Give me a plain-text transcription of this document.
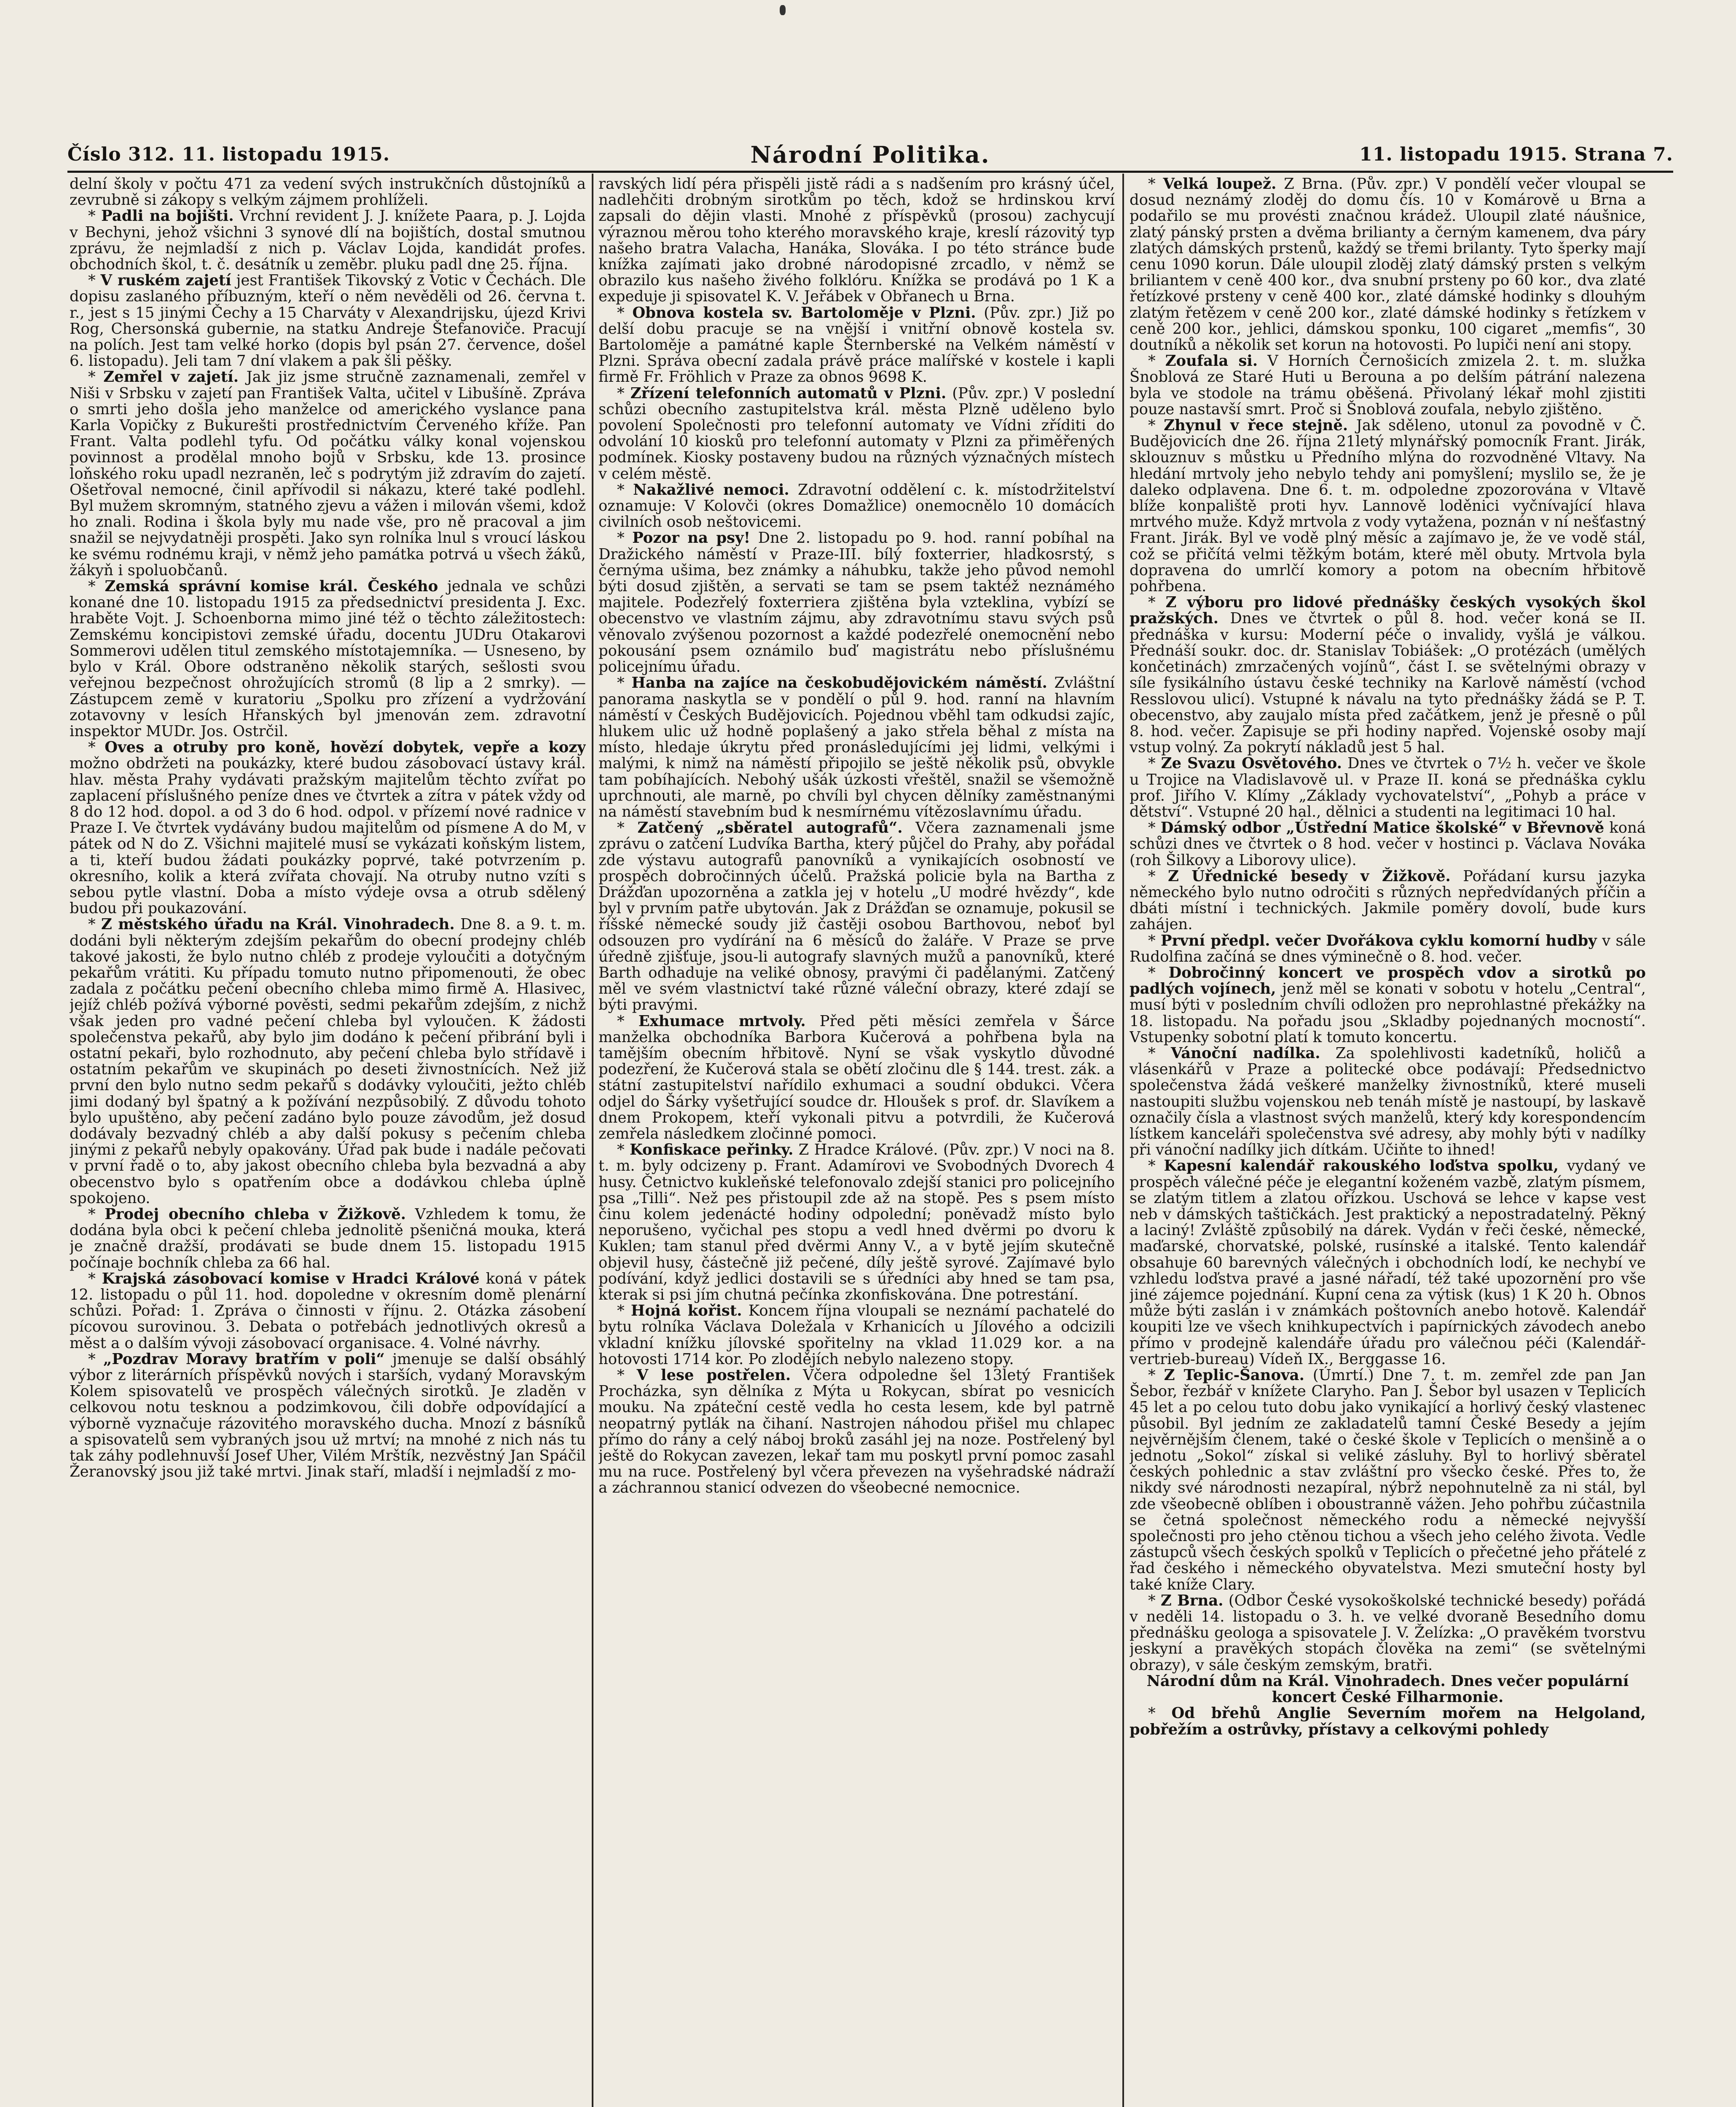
Číslo 312. 11. listopadu 1915.	Národní Politika.	11. listopadu 1915. Strana 7.

delní školy v počtu 471 za vedení svých instrukčních důstojníků a zevrubně si zákopy s velkým zájmem prohlíželi.

* Padli na bojišti. Vrchní revident J. J. knížete Paara, p. J. Lojda v Bechyni, jehož všichni 3 synové dlí na bojištích, dostal smutnou zprávu, že nejmladší z nich p. Václav Lojda, kandidát profes. obchodních škol, t. č. desátník u zeměbr. pluku padl dne 25. října.

* V ruském zajetí jest František Tikovský z Votic v Čechách. Dle dopisu zaslaného příbuzným, kteří o něm nevěděli od 26. června t. r., jest s 15 jinými Čechy a 15 Charváty v Alexandrijsku, újezd Krivi Rog, Chersonská gubernie, na statku Andreje Štefanoviče. Pracují na polích. Jest tam velké horko (dopis byl psán 27. července, došel 6. listopadu). Jeli tam 7 dní vlakem a pak šli pěšky.

* Zemřel v zajetí. Jak jiz jsme stručně zaznamenali, zemřel v Niši v Srbsku v zajetí pan František Valta, učitel v Libušíně. Zpráva o smrti jeho došla jeho manželce od amerického vyslance pana Karla Vopičky z Bukurešti prostřednictvím Červeného kříže. Pan Frant. Valta podlehl tyfu. Od počátku války konal vojenskou povinnost a prodělal mnoho bojů v Srbsku, kde 13. prosince loňského roku upadl nezraněn, leč s podrytým již zdravím do zajetí. Ošetřoval nemocné, činil apřívodil si nákazu, které také podlehl. Byl mužem skromným, statného zjevu a vážen i milován všemi, kdož ho znali. Rodina i škola byly mu nade vše, pro ně pracoval a jim snažil se nejvydatněji prospěti. Jako syn rolníka lnul s vroucí láskou ke svému rodnému kraji, v němž jeho památka potrvá u všech žáků, žákyň i spoluobčanů.

* Zemská správní komise král. Českého jednala ve schůzi konané dne 10. listopadu 1915 za předsednictví presidenta J. Exc. hraběte Vojt. J. Schoenborna mimo jiné též o těchto záležitostech: Zemskému koncipistovi zemské úřadu, docentu JUDru Otakarovi Sommerovi udělen titul zemského místotajemníka. — Usneseno, by bylo v Král. Obore odstraněno několik starých, sešlosti svou veřejnou bezpečnost ohrožujících stromů (8 lip a 2 smrky). — Zástupcem země v kuratoriu „Spolku pro zřízení a vydržování zotavovny v lesích Hřanských byl jmenován zem. zdravotní inspektor MUDr. Jos. Ostrčil.

* Oves a otruby pro koně, hovězí dobytek, vepře a kozy možno obdržeti na poukázky, které budou zásobovací ústavy král. hlav. města Prahy vydávati pražským majitelům těchto zvířat po zaplacení příslušného peníze dnes ve čtvrtek a zítra v pátek vždy od 8 do 12 hod. dopol. a od 3 do 6 hod. odpol. v přízemí nové radnice v Praze I. Ve čtvrtek vydávány budou majitelům od písmene A do M, v pátek od N do Z. Všichni majitelé musí se vykázati koňským listem, a ti, kteří budou žádati poukázky poprvé, také potvrzením p. okresního, kolik a která zvířata chovají. Na otruby nutno vzíti s sebou pytle vlastní. Doba a místo výdeje ovsa a otrub sdělený budou při poukazování.

* Z městského úřadu na Král. Vinohradech. Dne 8. a 9. t. m. dodáni byli některým zdejším pekařům do obecní prodejny chléb takové jakosti, že bylo nutno chléb z prodeje vyloučiti a dotyčným pekařům vrátiti. Ku případu tomuto nutno připomenouti, že obec zadala z počátku pečení obecního chleba mimo firmě A. Hlasivec, jejíž chléb požívá výborné pověsti, sedmi pekařům zdejším, z nichž však jeden pro vadné pečení chleba byl vyloučen. K žádosti společenstva pekařů, aby bylo jim dodáno k pečení přibrání byli i ostatní pekaři, bylo rozhodnuto, aby pečení chleba bylo střídavě i ostatním pekařům ve skupinách po deseti živnostnících. Než již první den bylo nutno sedm pekařů s dodávky vyloučiti, ježto chléb jimi dodaný byl špatný a k požívání nezpůsobilý. Z důvodu tohoto bylo upuštěno, aby pečení zadáno bylo pouze závodům, jež dosud dodávaly bezvadný chléb a aby další pokusy s pečením chleba jinými z pekařů nebyly opakovány. Úřad pak bude i nadále pečovati v první řadě o to, aby jakost obecního chleba byla bezvadná a aby obecenstvo bylo s opatřením obce a dodávkou chleba úplně spokojeno.

* Prodej obecního chleba v Žižkově. Vzhledem k tomu, že dodána byla obci k pečení chleba jednolitě pšeničná mouka, která je značně dražší, prodávati se bude dnem 15. listopadu 1915 počínaje bochník chleba za 66 hal.

* Krajská zásobovací komise v Hradci Králové koná v pátek 12. listopadu o půl 11. hod. dopoledne v okresním domě plenární schůzi. Pořad: 1. Zpráva o činnosti v říjnu. 2. Otázka zásobení pícovou surovinou. 3. Debata o potřebách jednotlivých okresů a měst a o dalším vývoji zásobovací organisace. 4. Volné návrhy.

* „Pozdrav Moravy bratřím v poli“ jmenuje se další obsáhlý výbor z literárních příspěvků nových i starších, vydaný Moravským Kolem spisovatelů ve prospěch válečných sirotků. Je zladěn v celkovou notu tesknou a podzimkovou, čili dobře odpovídající a výborně vyznačuje rázovitého moravského ducha. Mnozí z básníků a spisovatelů sem vybraných jsou už mrtví; na mnohé z nich nás tu tak záhy podlehnuvší Josef Uher, Vilém Mrštík, nezvěstný Jan Spáčil Žeranovský jsou již také mrtvi. Jinak staří, mladší i nejmladší z mo-

ravských lidí péra přispěli jistě rádi a s nadšením pro krásný účel, nadlehčiti drobným sirotkům po těch, kdož se hrdinskou krví zapsali do dějin vlasti. Mnohé z příspěvků (prosou) zachycují výraznou měrou toho kterého moravského kraje, kreslí rázovitý typ našeho bratra Valacha, Hanáka, Slováka. I po této stránce bude knížka zajímati jako drobné národopisné zrcadlo, v němž se obrazilo kus našeho živého folklóru. Knížka se prodává po 1 K a expeduje ji spisovatel K. V. Jeřábek v Obřanech u Brna.

* Obnova kostela sv. Bartoloměje v Plzni. (Pův. zpr.) Již po delší dobu pracuje se na vnější i vnitřní obnově kostela sv. Bartoloměje a památné kaple Šternberské na Velkém náměstí v Plzni. Správa obecní zadala právě práce malířské v kostele i kapli firmě Fr. Fröhlich v Praze za obnos 9698 K.

* Zřízení telefonních automatů v Plzni. (Pův. zpr.) V poslední schůzi obecního zastupitelstva král. města Plzně uděleno bylo povolení Společnosti pro telefonní automaty ve Vídni zříditi do odvolání 10 kiosků pro telefonní automaty v Plzni za přiměřených podmínek. Kiosky postaveny budou na různých význačných místech v celém městě.

* Nakažlivé nemoci. Zdravotní oddělení c. k. místodržitelství oznamuje: V Kolovči (okres Domažlice) onemocnělo 10 domácích civilních osob neštovicemi.

* Pozor na psy! Dne 2. listopadu po 9. hod. ranní pobíhal na Dražického náměstí v Praze-III. bílý foxterrier, hladkosrstý, s černýma ušima, bez známky a náhubku, takže jeho původ nemohl býti dosud zjištěn, a servati se tam se psem taktéž neznámého majitele. Podezřelý foxterriera zjištěna byla vzteklina, vybízí se obecenstvo ve vlastním zájmu, aby zdravotnímu stavu svých psů věnovalo zvýšenou pozornost a každé podezřelé onemocnění nebo pokousání psem oznámilo buď magistrátu nebo příslušnému policejnímu úřadu.

* Hanba na zajíce na českobudějovickém náměstí. Zvláštní panorama naskytla se v pondělí o půl 9. hod. ranní na hlavním náměstí v Českých Budějovicích. Pojednou vběhl tam odkudsi zajíc, hlukem ulic už hodně poplašený a jako střela běhal z místa na místo, hledaje úkrytu před pronásledujícími jej lidmi, velkými i malými, k nimž na náměstí připojilo se ještě několik psů, obvykle tam pobíhajících. Nebohý ušák úzkosti vřeštěl, snažil se všemožně uprchnouti, ale marně, po chvíli byl chycen dělníky zaměstnanými na náměstí stavebním bud k nesmírnému vítězoslavnímu úřadu.

* Zatčený „sběratel autografů“. Včera zaznamenali jsme zprávu o zatčení Ludvíka Bartha, který půjčel do Prahy, aby pořádal zde výstavu autografů panovníků a vynikajících osobností ve prospěch dobročinných účelů. Pražská policie byla na Bartha z Drážďan upozorněna a zatkla jej v hotelu „U modré hvězdy“, kde byl v prvním patře ubytován. Jak z Drážďan se oznamuje, pokusil se říšské německé soudy již častěji osobou Barthovou, neboť byl odsouzen pro vydírání na 6 měsíců do žaláře. V Praze se prve úředně zjišťuje, jsou-li autografy slavných mužů a panovníků, které Barth odhaduje na veliké obnosy, pravými či padělanými. Zatčený měl ve svém vlastnictví také různé váleční obrazy, které zdají se býti pravými.

* Exhumace mrtvoly. Před pěti měsíci zemřela v Šárce manželka obchodníka Barbora Kučerová a pohřbena byla na tamějším obecním hřbitově. Nyní se však vyskytlo důvodné podezření, že Kučerová stala se obětí zločinu dle § 144. trest. zák. a státní zastupitelství nařídilo exhumaci a soudní obdukci. Včera odjel do Šárky vyšetřující soudce dr. Hloušek s prof. dr. Slavíkem a dnem Prokopem, kteří vykonali pitvu a potvrdili, že Kučerová zemřela následkem zločinné pomoci.

* Konfiskace peřinky. Z Hradce Králové. (Pův. zpr.) V noci na 8. t. m. byly odcizeny p. Frant. Adamírovi ve Svobodných Dvorech 4 husy. Četnictvo kukleňské telefonovalo zdejší stanici pro policejního psa „Tilli“. Než pes přistoupil zde až na stopě. Pes s psem místo činu kolem jedenácté hodiny odpolední; poněvadž místo bylo neporušeno, vyčichal pes stopu a vedl hned dvěrmi po dvoru k Kuklen; tam stanul před dvěrmi Anny V., a v bytě jejím skutečně objevil husy, částečně již pečené, díly ještě syrové. Zajímavé bylo podívání, když jedlici dostavili se s úředníci aby hned se tam psa, kterak si psi jím chutná pečínka zkonfiskována. Dne potrestání.

* Hojná kořist. Koncem října vloupali se neznámí pachatelé do bytu rolníka Václava Doležala v Krhanicích u Jílového a odcizili vkladní knížku jílovské spořitelny na vklad 11.029 kor. a na hotovosti 1714 kor. Po zlodějích nebylo nalezeno stopy.

* V lese postřelen. Včera odpoledne šel 13letý František Procházka, syn dělníka z Mýta u Rokycan, sbírat po vesnicích mouku. Na zpáteční cestě vedla ho cesta lesem, kde byl patrně neopatrný pytlák na čihaní. Nastrojen náhodou přišel mu chlapec přímo do rány a celý náboj broků zasáhl jej na noze. Postřelený byl ještě do Rokycan zavezen, lekař tam mu poskytl první pomoc zasahl mu na ruce. Postřelený byl včera převezen na vyšehradské nádraží a záchrannou stanicí odvezen do všeobecné nemocnice.

* Velká loupež. Z Brna. (Pův. zpr.) V pondělí večer vloupal se dosud neznámý zloděj do domu čís. 10 v Komárově u Brna a podařilo se mu provésti značnou krádež. Uloupil zlaté náušnice, zlatý pánský prsten a dvěma brilianty a černým kamenem, dva páry zlatých dámských prstenů, každý se třemi brilanty. Tyto šperky mají cenu 1090 korun. Dále uloupil zloděj zlatý dámský prsten s velkým briliantem v ceně 400 kor., dva snubní prsteny po 60 kor., dva zlaté řetízkové prsteny v ceně 400 kor., zlaté dámské hodinky s dlouhým zlatým řetězem v ceně 200 kor., zlaté dámské hodinky s řetízkem v ceně 200 kor., jehlici, dámskou sponku, 100 cigaret „memfis“, 30 doutníků a několik set korun na hotovosti. Po lupiči není ani stopy.

* Zoufala si. V Horních Černošicích zmizela 2. t. m. služka Šnoblová ze Staré Huti u Berouna a po delším pátrání nalezena byla ve stodole na trámu oběšená. Přivolaný lékař mohl zjistiti pouze nastavší smrt. Proč si Šnoblová zoufala, nebylo zjištěno.

* Zhynul v řece stejně. Jak sděleno, utonul za povodně v Č. Budějovicích dne 26. října 21letý mlynářský pomocník Frant. Jirák, sklouznuv s můstku u Předního mlýna do rozvodněné Vltavy. Na hledání mrtvoly jeho nebylo tehdy ani pomyšlení; myslilo se, že je daleko odplavena. Dne 6. t. m. odpoledne zpozorována v Vltavě blíže konpaliště proti hyv. Lannově loděnici vyčnívající hlava mrtvého muže. Když mrtvola z vody vytažena, poznán v ní nešťastný Frant. Jirák. Byl ve vodě plný měsíc a zajímavo je, že ve vodě stál, což se přičítá velmi těžkým botám, které měl obuty. Mrtvola byla dopravena do umrlčí komory a potom na obecním hřbitově pohřbena.

* Z výboru pro lidové přednášky českých vysokých škol pražských. Dnes ve čtvrtek o půl 8. hod. večer koná se II. přednáška v kursu: Moderní péče o invalidy, vyšlá je válkou. Přednáší soukr. doc. dr. Stanislav Tobiášek: „O protézách (umělých končetinách) zmrzačených vojínů“, část I. se světelnými obrazy v síle fysikálního ústavu české techniky na Karlově náměstí (vchod Resslovou ulicí). Vstupné k návalu na tyto přednášky žádá se P. T. obecenstvo, aby zaujalo místa před začátkem, jenž je přesně o půl 8. hod. večer. Zapisuje se při hodiny napřed. Vojenské osoby mají vstup volný. Za pokrytí nákladů jest 5 hal.

* Ze Svazu Osvětového. Dnes ve čtvrtek o 7½ h. večer ve škole u Trojice na Vladislavově ul. v Praze II. koná se přednáška cyklu prof. Jiřího V. Klímy „Základy vychovatelství“, „Pohyb a práce v dětství“. Vstupné 20 hal., dělnici a studenti na legitimaci 10 hal.

* Dámský odbor „Ústřední Matice školské“ v Břevnově koná schůzi dnes ve čtvrtek o 8 hod. večer v hostinci p. Václava Nováka (roh Šilkovy a Liborovy ulice).

* Z Úřednické besedy v Žižkově. Pořádaní kursu jazyka německého bylo nutno odročiti s různých nepředvídaných příčin a dbáti místní i technických. Jakmile poměry dovolí, bude kurs zahájen.

* První předpl. večer Dvořákova cyklu komorní hudby v sále Rudolfina začíná se dnes výminečně o 8. hod. večer.

* Dobročinný koncert ve prospěch vdov a sirotků po padlých vojínech, jenž měl se konati v sobotu v hotelu „Central“, musí býti v posledním chvíli odložen pro neprohlastné překážky na 18. listopadu. Na pořadu jsou „Skladby pojednaných mocností“. Vstupenky sobotní platí k tomuto koncertu.

* Vánoční nadílka. Za spolehlivosti kadetníků, holičů a vlásenkářů v Praze a politecké obce podávají: Předsednictvo společenstva žádá veškeré manželky živnostníků, které museli nastoupiti službu vojenskou neb tenáh místě je nastoupí, by laskavě označily čísla a vlastnost svých manželů, který kdy korespondencím lístkem kanceláři společenstva své adresy, aby mohly býti v nadílky při vánoční nadílky jich dítkám. Učiňte to ihned!

* Kapesní kalendář rakouského loďstva spolku, vydaný ve prospěch válečné péče je elegantní koženém vazbě, zlatým písmem, se zlatým titlem a zlatou ořízkou. Uschová se lehce v kapse vest neb v dámských taštičkách. Jest praktický a nepostradatelný. Pěkný a laciný! Zvláště způsobilý na dárek. Vydán v řeči české, německé, maďarské, chorvatské, polské, rusínské a italské. Tento kalendář obsahuje 60 barevných válečných i obchodních lodí, ke nechybí ve vzhledu loďstva pravé a jasné nářadí, též také upozornění pro vše jiné zájemce pojednání. Kupní cena za výtisk (kus) 1 K 20 h. Obnos může býti zaslán i v známkách poštovních anebo hotově. Kalendář koupiti lze ve všech knihkupectvích i papírnických závodech anebo přímo v prodejně kalendáře úřadu pro válečnou péči (Kalendář-vertrieb-bureau) Vídeň IX., Berggasse 16.

* Z Teplic-Šanova. (Úmrtí.) Dne 7. t. m. zemřel zde pan Jan Šebor, řezbář v knížete Claryho. Pan J. Šebor byl usazen v Teplicích 45 let a po celou tuto dobu jako vynikající a horlivý český vlastenec působil. Byl jedním ze zakladatelů tamní České Besedy a jejím nejvěrnějším členem, také o české škole v Teplicích o menšině a o jednotu „Sokol“ získal si veliké zásluhy. Byl to horlivý sběratel českých pohlednic a stav zvláštní pro všecko české. Přes to, že nikdy své národnosti nezapíral, nýbrž nepohnutelně za ni stál, byl zde všeobecně oblíben i oboustranně vážen. Jeho pohřbu zúčastnila se četná společnost německého rodu a německé nejvyšší společnosti pro jeho ctěnou tichou a všech jeho celého života. Vedle zástupců všech českých spolků v Teplicích o přečetné jeho přátelé z řad českého i německého obyvatelstva. Mezi smuteční hosty byl také kníže Clary.

* Z Brna. (Odbor České vysokoškolské technické besedy) pořádá v neděli 14. listopadu o 3. h. ve velké dvoraně Besedního domu přednášku geologa a spisovatele J. V. Želízka: „O pravěkém tvorstvu jeskyní a pravěkých stopách člověka na zemi“ (se světelnými obrazy), v sále českým zemským, bratři.

Národní dům na Král. Vinohradech. Dnes večer populární koncert České Filharmonie.

* Od břehů Anglie Severním mořem na Helgoland, pobřežím a ostrůvky, přístavy a celkovými pohledy
